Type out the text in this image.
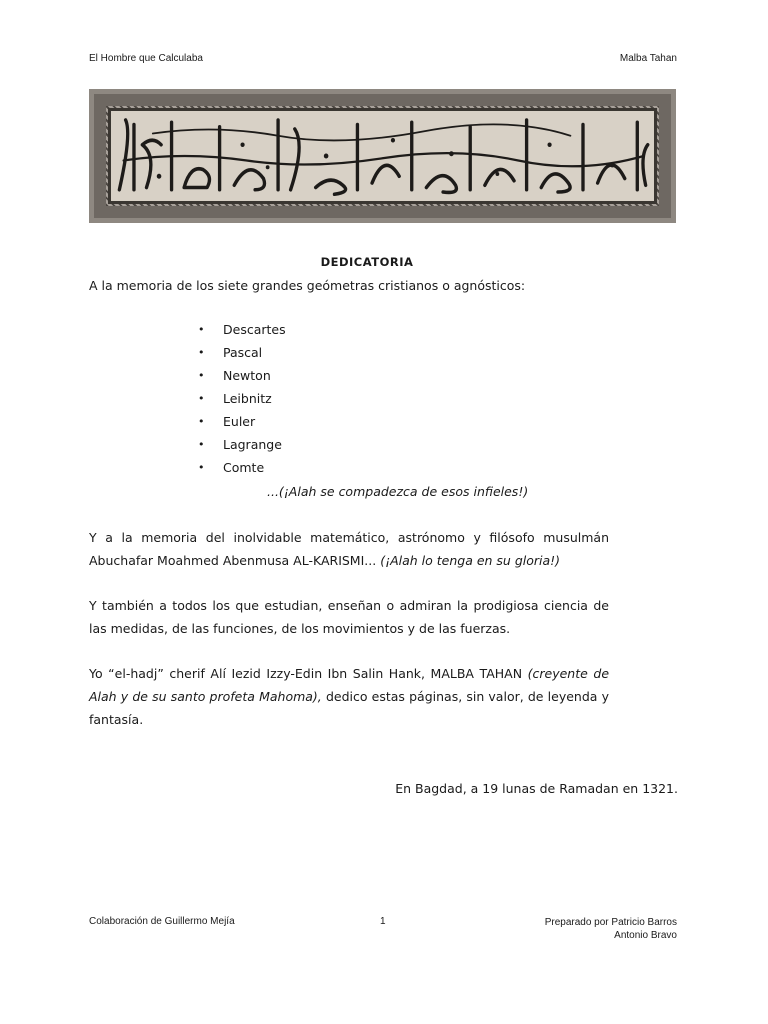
El Hombre que Calculaba	Malba Tahan
DEDICATORIA
A la memoria de los siete grandes geómetras cristianos o agnósticos:
• Descartes
• Pascal
• Newton
• Leibnitz
• Euler
• Lagrange
• Comte
...(¡Alah se compadezca de esos infieles!)
Y a la memoria del inolvidable matemático, astrónomo y filósofo musulmán Abuchafar Moahmed Abenmusa AL-KARISMI... (¡Alah lo tenga en su gloria!)
Y también a todos los que estudian, enseñan o admiran la prodigiosa ciencia de las medidas, de las funciones, de los movimientos y de las fuerzas.
Yo “el-hadj” cherif Alí Iezid Izzy-Edin Ibn Salin Hank, MALBA TAHAN (creyente de Alah y de su santo profeta Mahoma), dedico estas páginas, sin valor, de leyenda y fantasía.
En Bagdad, a 19 lunas de Ramadan en 1321.
Colaboración de Guillermo Mejía	1	Preparado por Patricio Barros
Antonio Bravo
